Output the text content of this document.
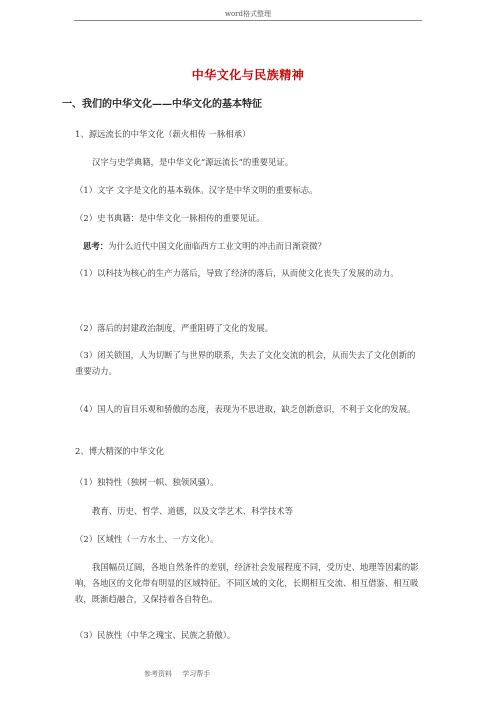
word格式整理
中华文化与民族精神
一、我们的中华文化——中华文化的基本特征
1、源远流长的中华文化（薪火相传 一脉相承）
汉字与史学典籍，是中华文化“源远流长”的重要见证。
（1）文字 文字是文化的基本载体。汉字是中华文明的重要标志。
（2）史书典籍：是中华文化一脉相传的重要见证。
思考：为什么近代中国文化面临西方工业文明的冲击而日渐衰微？
（1）以科技为核心的生产力落后，导致了经济的落后，从而使文化丧失了发展的动力。
（2）落后的封建政治制度，严重阻碍了文化的发展。
（3）闭关锁国，人为切断了与世界的联系，失去了文化交流的机会，从而失去了文化创新的重要动力。
（4）国人的盲目乐观和骄傲的态度，表现为不思进取，缺乏创新意识，不利于文化的发展。
2、博大精深的中华文化
（1）独特性（独树一帜、独领风骚）。
教育、历史、哲学、道德，以及文学艺术、科学技术等
（2）区域性（一方水土、一方文化）。
我国幅员辽阔，各地自然条件的差别，经济社会发展程度不同，受历史、地理等因素的影响，各地区的文化带有明显的区域特征。不同区域的文化，长期相互交流、相互借鉴、相互吸收，既渐趋融合，又保持着各自特色。
（3）民族性（中华之瑰宝、民族之骄傲）。
参考资料 学习帮手
